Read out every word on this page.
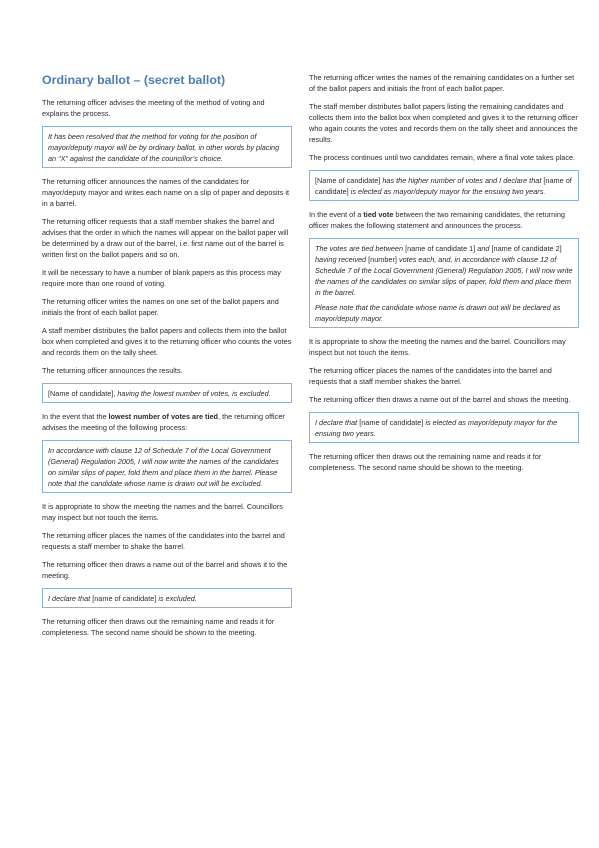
Ordinary ballot – (secret ballot)

The returning officer advises the meeting of the method of voting and explains the process.

It has been resolved that the method for voting for the position of mayor/deputy mayor will be by ordinary ballot, in other words by placing an “X” against the candidate of the councillor’s choice.

The returning officer announces the names of the candidates for mayor/deputy mayor and writes each name on a slip of paper and deposits it in a barrel.

The returning officer requests that a staff member shakes the barrel and advises that the order in which the names will appear on the ballot paper will be determined by a draw out of the barrel, i.e. first name out of the barrel is written first on the ballot papers and so on.

It will be necessary to have a number of blank papers as this process may require more than one round of voting.

The returning officer writes the names on one set of the ballot papers and initials the front of each ballot paper.

A staff member distributes the ballot papers and collects them into the ballot box when completed and gives it to the returning officer who counts the votes and records them on the tally sheet.

The returning officer announces the results.

[Name of candidate], having the lowest number of votes, is excluded.

In the event that the lowest number of votes are tied, the returning officer advises the meeting of the following process:

In accordance with clause 12 of Schedule 7 of the Local Government (General) Regulation 2005, I will now write the names of the candidates on similar slips of paper, fold them and place them in the barrel. Please note that the candidate whose name is drawn out will be excluded.

It is appropriate to show the meeting the names and the barrel. Councillors may inspect but not touch the items.

The returning officer places the names of the candidates into the barrel and requests a staff member to shake the barrel.

The returning officer then draws a name out of the barrel and shows it to the meeting.

I declare that [name of candidate] is excluded.

The returning officer then draws out the remaining name and reads it for completeness. The second name should be shown to the meeting.

The returning officer writes the names of the remaining candidates on a further set of the ballot papers and initials the front of each ballot paper.

The staff member distributes ballot papers listing the remaining candidates and collects them into the ballot box when completed and gives it to the returning officer who again counts the votes and records them on the tally sheet and announces the results.

The process continues until two candidates remain, where a final vote takes place.

[Name of candidate] has the higher number of votes and I declare that [name of candidate] is elected as mayor/deputy mayor for the ensuing two years.

In the event of a tied vote between the two remaining candidates, the returning officer makes the following statement and announces the process.

The votes are tied between [name of candidate 1] and [name of candidate 2] having received [number] votes each, and, in accordance with clause 12 of Schedule 7 of the Local Government (General) Regulation 2005, I will now write the names of the candidates on similar slips of paper, fold them and place them in the barrel.

Please note that the candidate whose name is drawn out will be declared as mayor/deputy mayor.

It is appropriate to show the meeting the names and the barrel. Councillors may inspect but not touch the items.

The returning officer places the names of the candidates into the barrel and requests that a staff member shakes the barrel.

The returning officer then draws a name out of the barrel and shows the meeting.

I declare that [name of candidate] is elected as mayor/deputy mayor for the ensuing two years.

The returning officer then draws out the remaining name and reads it for completeness. The second name should be shown to the meeting.
